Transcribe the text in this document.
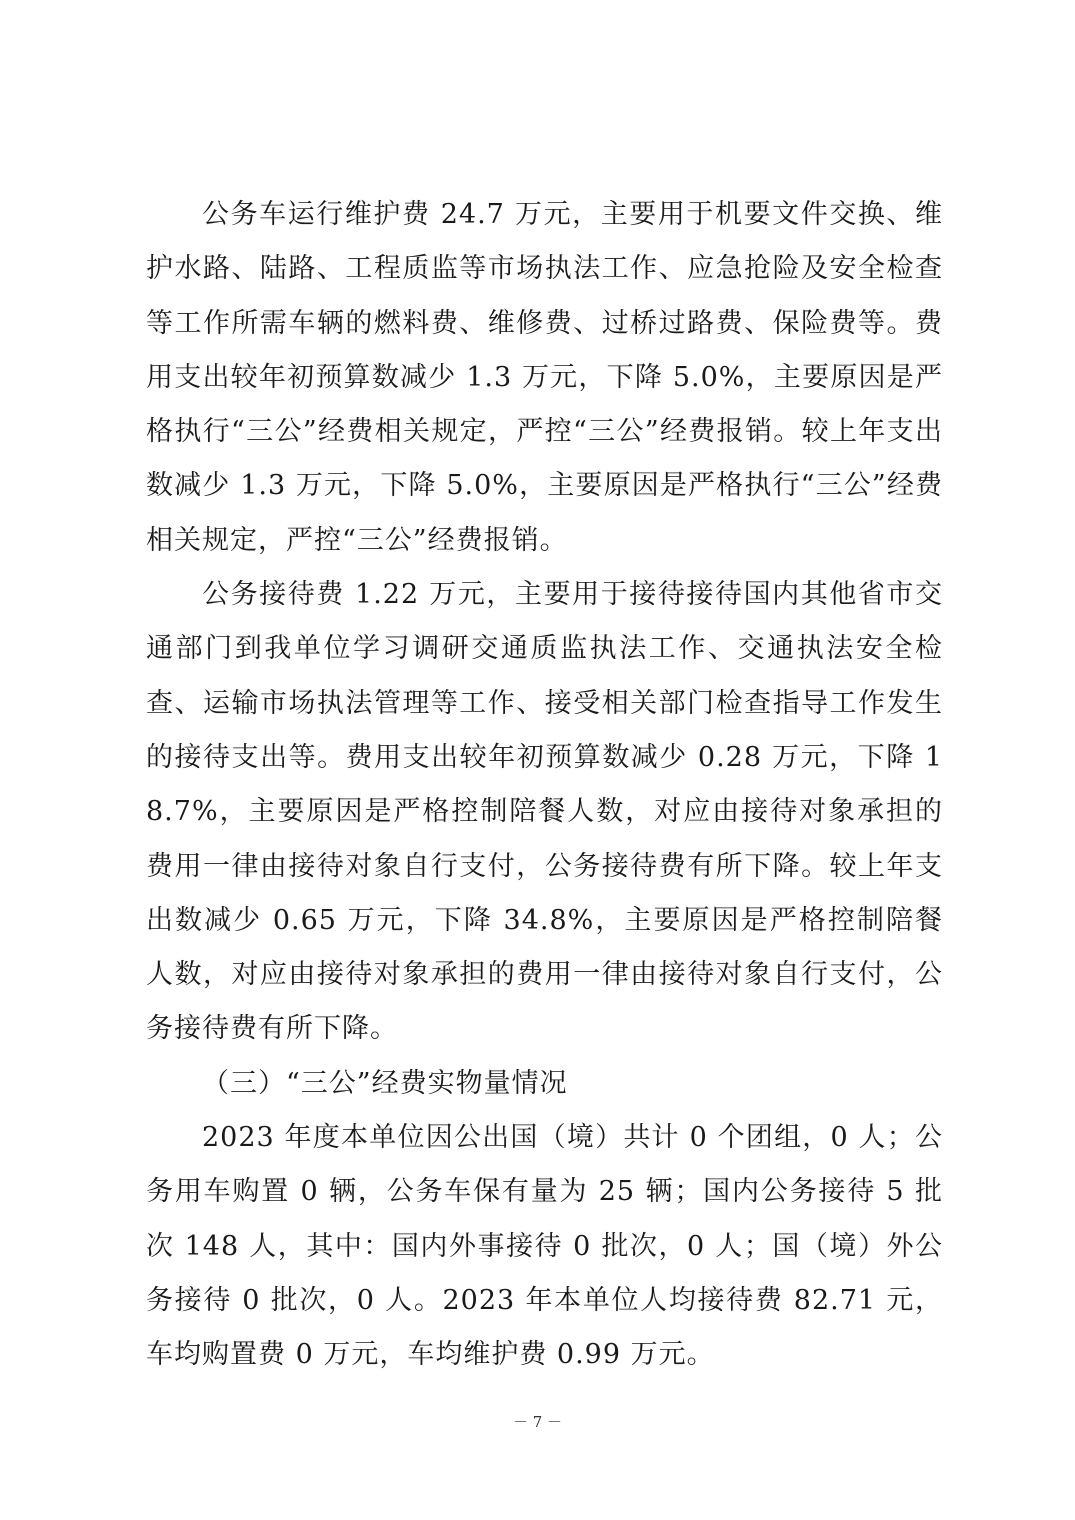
公务车运行维护费 24.7 万元，主要用于机要文件交换、维护水路、陆路、工程质监等市场执法工作、应急抢险及安全检查等工作所需车辆的燃料费、维修费、过桥过路费、保险费等。费用支出较年初预算数减少 1.3 万元，下降 5.0%，主要原因是严格执行“三公”经费相关规定，严控“三公”经费报销。较上年支出数减少 1.3 万元，下降 5.0%，主要原因是严格执行“三公”经费相关规定，严控“三公”经费报销。

公务接待费 1.22 万元，主要用于接待接待国内其他省市交通部门到我单位学习调研交通质监执法工作、交通执法安全检查、运输市场执法管理等工作、接受相关部门检查指导工作发生的接待支出等。费用支出较年初预算数减少 0.28 万元，下降 18.7%，主要原因是严格控制陪餐人数，对应由接待对象承担的费用一律由接待对象自行支付，公务接待费有所下降。较上年支出数减少 0.65 万元，下降 34.8%，主要原因是严格控制陪餐人数，对应由接待对象承担的费用一律由接待对象自行支付，公务接待费有所下降。

（三）“三公”经费实物量情况

2023 年度本单位因公出国（境）共计 0 个团组，0 人；公务用车购置 0 辆，公务车保有量为 25 辆；国内公务接待 5 批次 148 人，其中：国内外事接待 0 批次，0 人；国（境）外公务接待 0 批次，0 人。2023 年本单位人均接待费 82.71 元，车均购置费 0 万元，车均维护费 0.99 万元。

－ 7 －
